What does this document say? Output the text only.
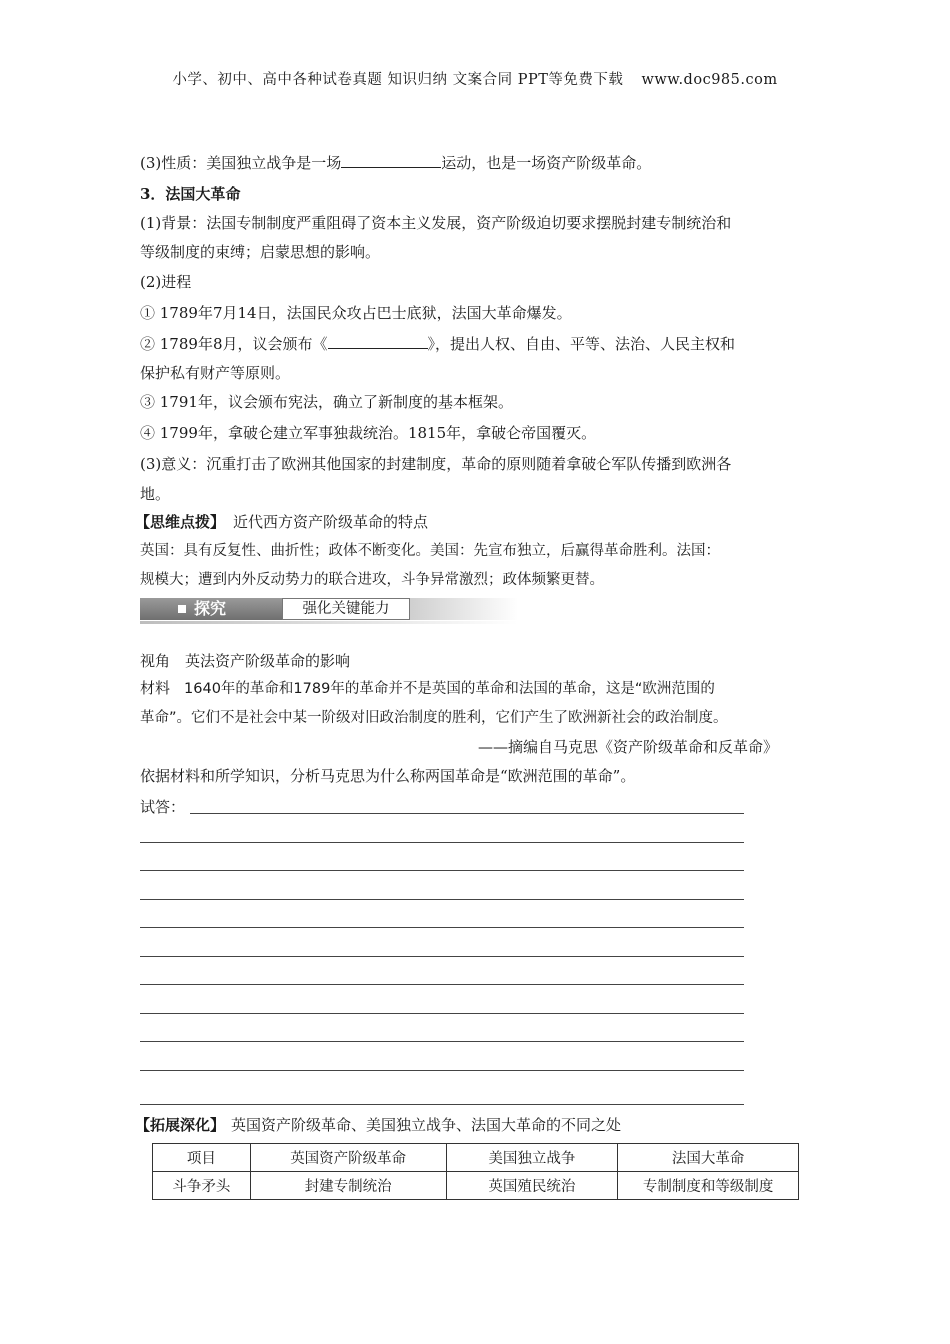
小学、初中、高中各种试卷真题 知识归纳 文案合同 PPT等免费下载 www.doc985.com
(3)性质：美国独立战争是一场	运动，也是一场资产阶级革命。
3．法国大革命
(1)背景：法国专制制度严重阻碍了资本主义发展，资产阶级迫切要求摆脱封建专制统治和
等级制度的束缚；启蒙思想的影响。
(2)进程
① 1789年7月14日，法国民众攻占巴士底狱，法国大革命爆发。
② 1789年8月，议会颁布《	》，提出人权、自由、平等、法治、人民主权和
保护私有财产等原则。
③ 1791年，议会颁布宪法，确立了新制度的基本框架。
④ 1799年，拿破仑建立军事独裁统治。1815年，拿破仑帝国覆灭。
(3)意义：沉重打击了欧洲其他国家的封建制度，革命的原则随着拿破仑军队传播到欧洲各
地。
【思维点拨】 近代西方资产阶级革命的特点
英国：具有反复性、曲折性；政体不断变化。美国：先宣布独立，后赢得革命胜利。法国：
规模大；遭到内外反动势力的联合进攻，斗争异常激烈；政体频繁更替。
探究	强化关键能力
视角　英法资产阶级革命的影响
材料 1640年的革命和1789年的革命并不是英国的革命和法国的革命，这是“欧洲范围的
革命”。它们不是社会中某一阶级对旧政治制度的胜利，它们产生了欧洲新社会的政治制度。
——摘编自马克思《资产阶级革命和反革命》
依据材料和所学知识，分析马克思为什么称两国革命是“欧洲范围的革命”。
试答：
【拓展深化】 英国资产阶级革命、美国独立战争、法国大革命的不同之处
项目	英国资产阶级革命	美国独立战争	法国大革命
斗争矛头	封建专制统治	英国殖民统治	专制制度和等级制度
